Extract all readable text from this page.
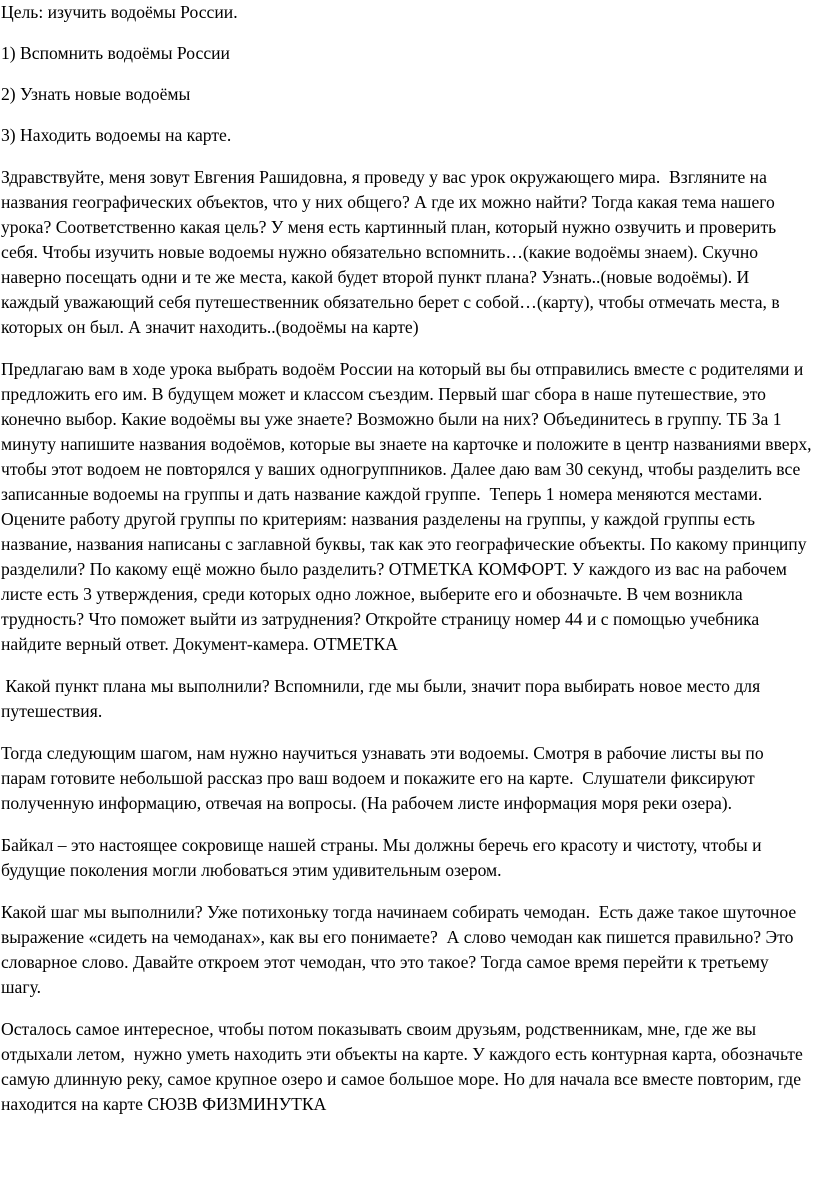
Цель: изучить водоёмы России.

1) Вспомнить водоёмы России

2) Узнать новые водоёмы

3) Находить водоемы на карте.

Здравствуйте, меня зовут Евгения Рашидовна, я проведу у вас урок окружающего мира.  Взгляните на названия географических объектов, что у них общего? А где их можно найти? Тогда какая тема нашего урока? Соответственно какая цель? У меня есть картинный план, который нужно озвучить и проверить себя. Чтобы изучить новые водоемы нужно обязательно вспомнить…(какие водоёмы знаем). Скучно наверно посещать одни и те же места, какой будет второй пункт плана? Узнать..(новые водоёмы). И каждый уважающий себя путешественник обязательно берет с собой…(карту), чтобы отмечать места, в которых он был. А значит находить..(водоёмы на карте)

Предлагаю вам в ходе урока выбрать водоём России на который вы бы отправились вместе с родителями и предложить его им. В будущем может и классом съездим. Первый шаг сбора в наше путешествие, это конечно выбор. Какие водоёмы вы уже знаете? Возможно были на них? Объединитесь в группу. ТБ За 1 минуту напишите названия водоёмов, которые вы знаете на карточке и положите в центр названиями вверх, чтобы этот водоем не повторялся у ваших одногруппников. Далее даю вам 30 секунд, чтобы разделить все записанные водоемы на группы и дать название каждой группе.  Теперь 1 номера меняются местами. Оцените работу другой группы по критериям: названия разделены на группы, у каждой группы есть название, названия написаны с заглавной буквы, так как это географические объекты. По какому принципу разделили? По какому ещё можно было разделить? ОТМЕТКА КОМФОРТ. У каждого из вас на рабочем листе есть 3 утверждения, среди которых одно ложное, выберите его и обозначьте. В чем возникла трудность? Что поможет выйти из затруднения? Откройте страницу номер 44 и с помощью учебника найдите верный ответ. Документ-камера. ОТМЕТКА

Какой пункт плана мы выполнили? Вспомнили, где мы были, значит пора выбирать новое место для путешествия.

Тогда следующим шагом, нам нужно научиться узнавать эти водоемы. Смотря в рабочие листы вы по парам готовите небольшой рассказ про ваш водоем и покажите его на карте.  Слушатели фиксируют полученную информацию, отвечая на вопросы. (На рабочем листе информация моря реки озера).

Байкал – это настоящее сокровище нашей страны. Мы должны беречь его красоту и чистоту, чтобы и будущие поколения могли любоваться этим удивительным озером.

Какой шаг мы выполнили? Уже потихоньку тогда начинаем собирать чемодан.  Есть даже такое шуточное выражение «сидеть на чемоданах», как вы его понимаете?  А слово чемодан как пишется правильно? Это словарное слово. Давайте откроем этот чемодан, что это такое? Тогда самое время перейти к третьему шагу.

Осталось самое интересное, чтобы потом показывать своим друзьям, родственникам, мне, где же вы отдыхали летом,  нужно уметь находить эти объекты на карте. У каждого есть контурная карта, обозначьте самую длинную реку, самое крупное озеро и самое большое море. Но для начала все вместе повторим, где находится на карте СЮЗВ ФИЗМИНУТКА
